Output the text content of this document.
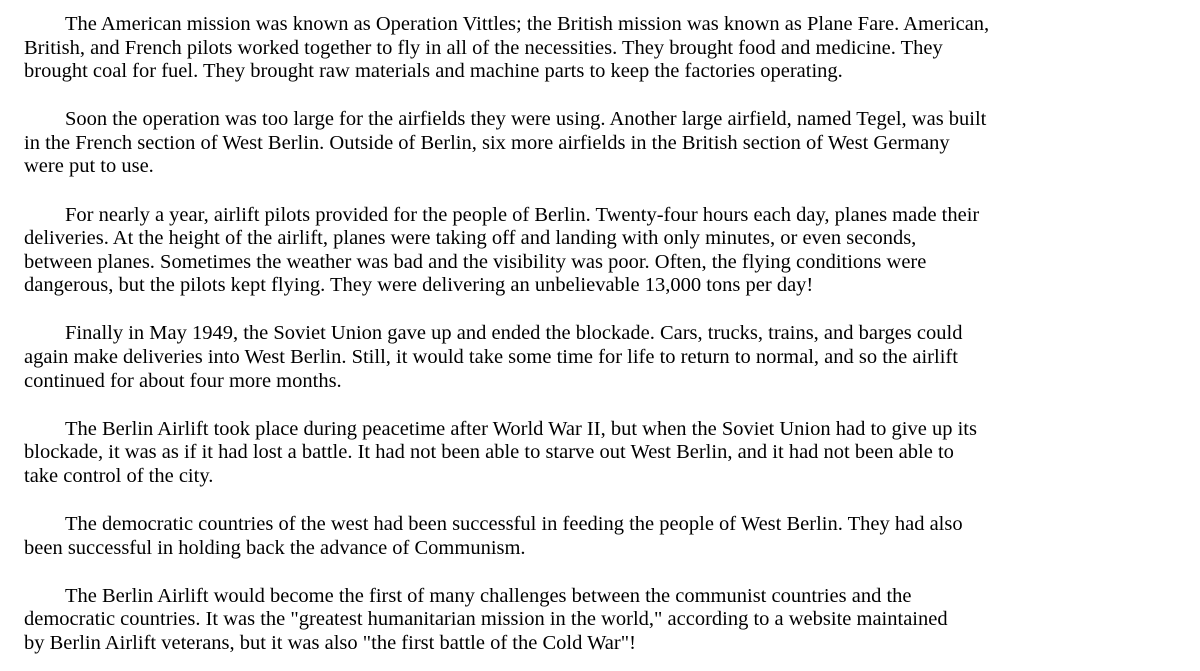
The American mission was known as Operation Vittles; the British mission was known as Plane Fare. American,
British, and French pilots worked together to fly in all of the necessities. They brought food and medicine. They
brought coal for fuel. They brought raw materials and machine parts to keep the factories operating.

Soon the operation was too large for the airfields they were using. Another large airfield, named Tegel, was built
in the French section of West Berlin. Outside of Berlin, six more airfields in the British section of West Germany
were put to use.

For nearly a year, airlift pilots provided for the people of Berlin. Twenty-four hours each day, planes made their
deliveries. At the height of the airlift, planes were taking off and landing with only minutes, or even seconds,
between planes. Sometimes the weather was bad and the visibility was poor. Often, the flying conditions were
dangerous, but the pilots kept flying. They were delivering an unbelievable 13,000 tons per day!

Finally in May 1949, the Soviet Union gave up and ended the blockade. Cars, trucks, trains, and barges could
again make deliveries into West Berlin. Still, it would take some time for life to return to normal, and so the airlift
continued for about four more months.

The Berlin Airlift took place during peacetime after World War II, but when the Soviet Union had to give up its
blockade, it was as if it had lost a battle. It had not been able to starve out West Berlin, and it had not been able to
take control of the city.

The democratic countries of the west had been successful in feeding the people of West Berlin. They had also
been successful in holding back the advance of Communism.

The Berlin Airlift would become the first of many challenges between the communist countries and the
democratic countries. It was the "greatest humanitarian mission in the world," according to a website maintained
by Berlin Airlift veterans, but it was also "the first battle of the Cold War"!
